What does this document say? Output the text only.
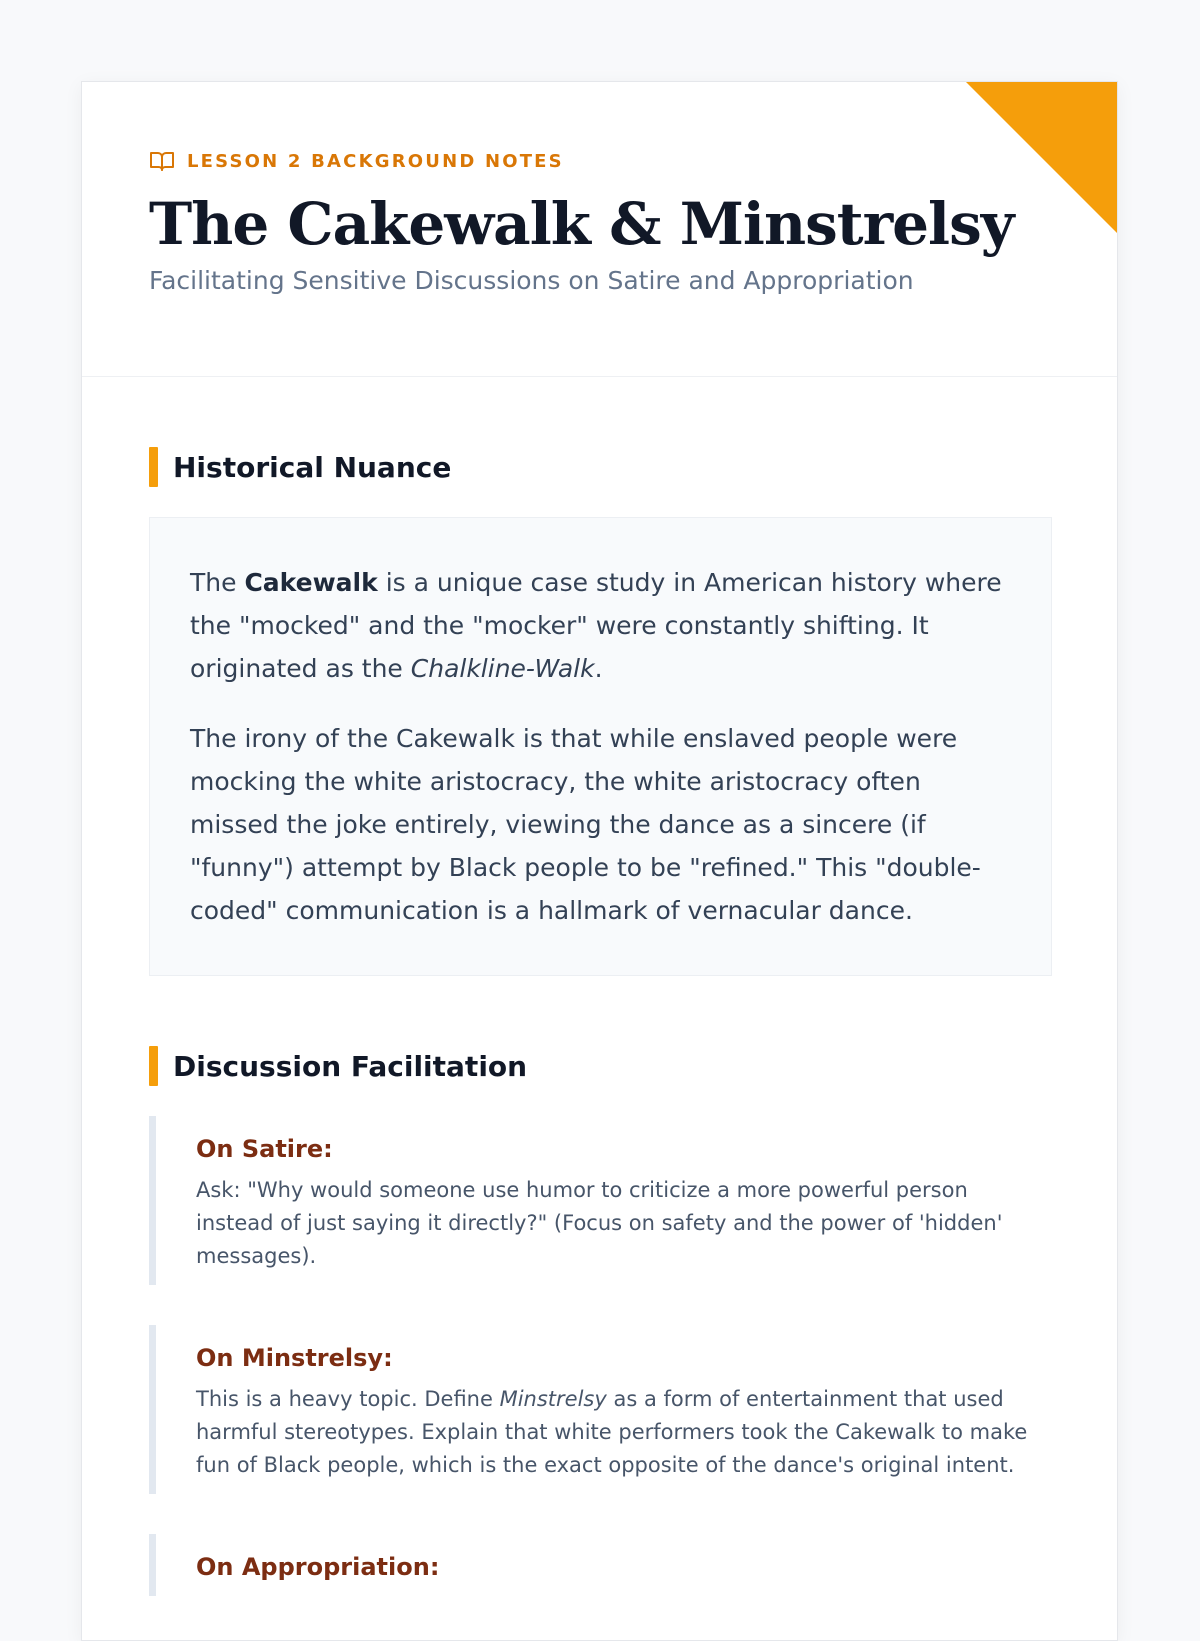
LESSON 2 BACKGROUND NOTES
The Cakewalk & Minstrelsy

Facilitating Sensitive Discussions on Satire and Appropriation

Historical Nuance

The Cakewalk is a unique case study in American history where the "mocked" and the "mocker" were constantly shifting. It originated as the Chalkline-Walk.

The irony of the Cakewalk is that while enslaved people were mocking the white aristocracy, the white aristocracy often missed the joke entirely, viewing the dance as a sincere (if "funny") attempt by Black people to be "refined." This "double-coded" communication is a hallmark of vernacular dance.

Discussion Facilitation

On Satire:

Ask: "Why would someone use humor to criticize a more powerful person instead of just saying it directly?" (Focus on safety and the power of 'hidden' messages).

On Minstrelsy:

This is a heavy topic. Define Minstrelsy as a form of entertainment that used harmful stereotypes. Explain that white performers took the Cakewalk to make fun of Black people, which is the exact opposite of the dance's original intent.

On Appropriation:
